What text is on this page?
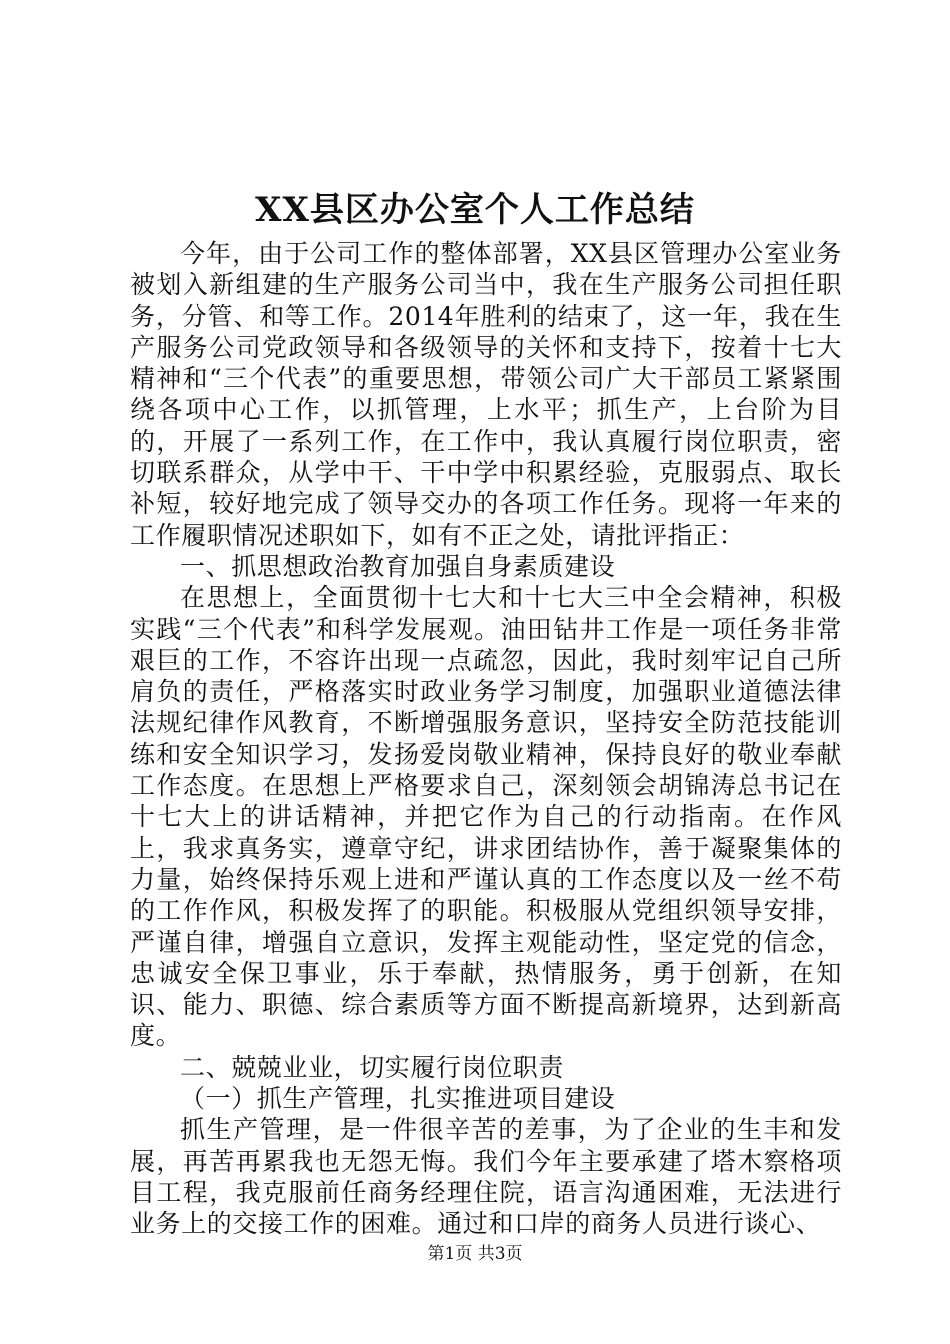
XX县区办公室个人工作总结

今年，由于公司工作的整体部署，XX县区管理办公室业务被划入新组建的生产服务公司当中，我在生产服务公司担任职务，分管、和等工作。2014年胜利的结束了，这一年，我在生产服务公司党政领导和各级领导的关怀和支持下，按着十七大精神和“三个代表”的重要思想，带领公司广大干部员工紧紧围绕各项中心工作，以抓管理，上水平；抓生产，上台阶为目的，开展了一系列工作，在工作中，我认真履行岗位职责，密切联系群众，从学中干、干中学中积累经验，克服弱点、取长补短，较好地完成了领导交办的各项工作任务。现将一年来的工作履职情况述职如下，如有不正之处，请批评指正：

一、抓思想政治教育加强自身素质建设

在思想上，全面贯彻十七大和十七大三中全会精神，积极实践“三个代表”和科学发展观。油田钻井工作是一项任务非常艰巨的工作，不容许出现一点疏忽，因此，我时刻牢记自己所肩负的责任，严格落实时政业务学习制度，加强职业道德法律法规纪律作风教育，不断增强服务意识，坚持安全防范技能训练和安全知识学习，发扬爱岗敬业精神，保持良好的敬业奉献工作态度。在思想上严格要求自己，深刻领会胡锦涛总书记在十七大上的讲话精神，并把它作为自己的行动指南。在作风上，我求真务实，遵章守纪，讲求团结协作，善于凝聚集体的力量，始终保持乐观上进和严谨认真的工作态度以及一丝不苟的工作作风，积极发挥了的职能。积极服从党组织领导安排，严谨自律，增强自立意识，发挥主观能动性，坚定党的信念，忠诚安全保卫事业，乐于奉献，热情服务，勇于创新，在知识、能力、职德、综合素质等方面不断提高新境界，达到新高度。

二、兢兢业业，切实履行岗位职责

（一）抓生产管理，扎实推进项目建设

抓生产管理，是一件很辛苦的差事，为了企业的生丰和发展，再苦再累我也无怨无悔。我们今年主要承建了塔木察格项目工程，我克服前任商务经理住院，语言沟通困难，无法进行业务上的交接工作的困难。通过和口岸的商务人员进行谈心、

第1页 共3页
